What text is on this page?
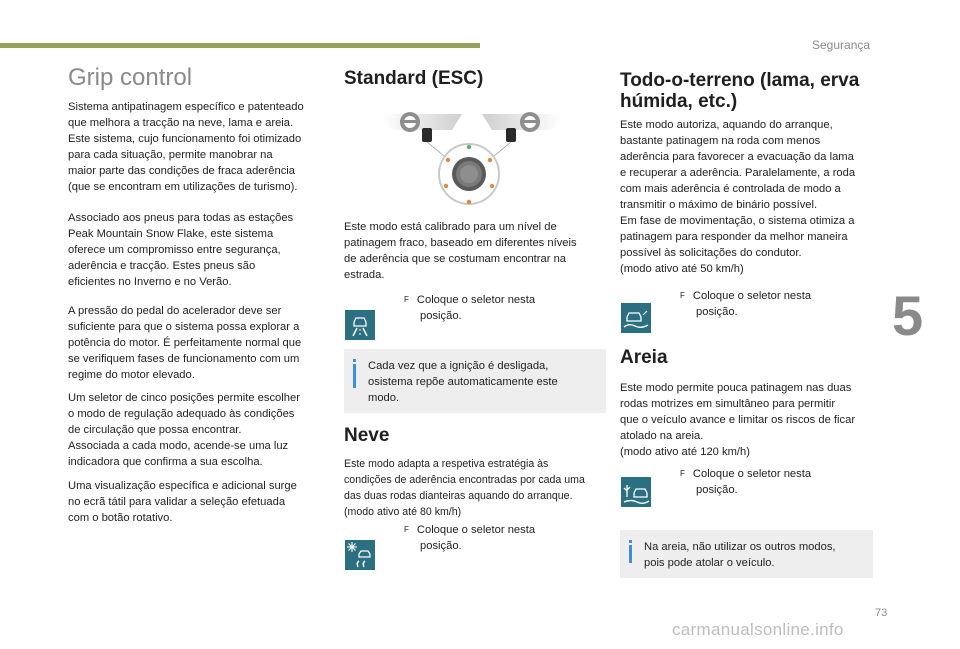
Segurança
5
73
carmanualsonline.info
Grip control
Sistema antipatinagem específico e patenteado
que melhora a tracção na neve, lama e areia.
Este sistema, cujo funcionamento foi otimizado
para cada situação, permite manobrar na
maior parte das condições de fraca aderência
(que se encontram em utilizações de turismo).
Associado aos pneus para todas as estações
Peak Mountain Snow Flake, este sistema
oferece um compromisso entre segurança,
aderência e tracção. Estes pneus são
eficientes no Inverno e no Verão.
A pressão do pedal do acelerador deve ser
suficiente para que o sistema possa explorar a
potência do motor. É perfeitamente normal que
se verifiquem fases de funcionamento com um
regime do motor elevado.
Um seletor de cinco posições permite escolher
o modo de regulação adequado às condições
de circulação que possa encontrar.
Associada a cada modo, acende-se uma luz
indicadora que confirma a sua escolha.
Uma visualização específica e adicional surge
no ecrã tátil para validar a seleção efetuada
com o botão rotativo.
Standard (ESC)
Este modo está calibrado para um nível de
patinagem fraco, baseado em diferentes níveis
de aderência que se costumam encontrar na
estrada.
F Coloque o seletor nesta
posição.
Cada vez que a ignição é desligada,
osistema repõe automaticamente este
modo.
Neve
Este modo adapta a respetiva estratégia às
condições de aderência encontradas por cada uma
das duas rodas dianteiras aquando do arranque.
(modo ativo até 80 km/h)
F Coloque o seletor nesta
posição.
Todo-o-terreno (lama, erva
húmida, etc.)
Este modo autoriza, aquando do arranque,
bastante patinagem na roda com menos
aderência para favorecer a evacuação da lama
e recuperar a aderência. Paralelamente, a roda
com mais aderência é controlada de modo a
transmitir o máximo de binário possível.
Em fase de movimentação, o sistema otimiza a
patinagem para responder da melhor maneira
possível às solicitações do condutor.
(modo ativo até 50 km/h)
F Coloque o seletor nesta
posição.
Areia
Este modo permite pouca patinagem nas duas
rodas motrizes em simultâneo para permitir
que o veículo avance e limitar os riscos de ficar
atolado na areia.
(modo ativo até 120 km/h)
F Coloque o seletor nesta
posição.
Na areia, não utilizar os outros modos,
pois pode atolar o veículo.
